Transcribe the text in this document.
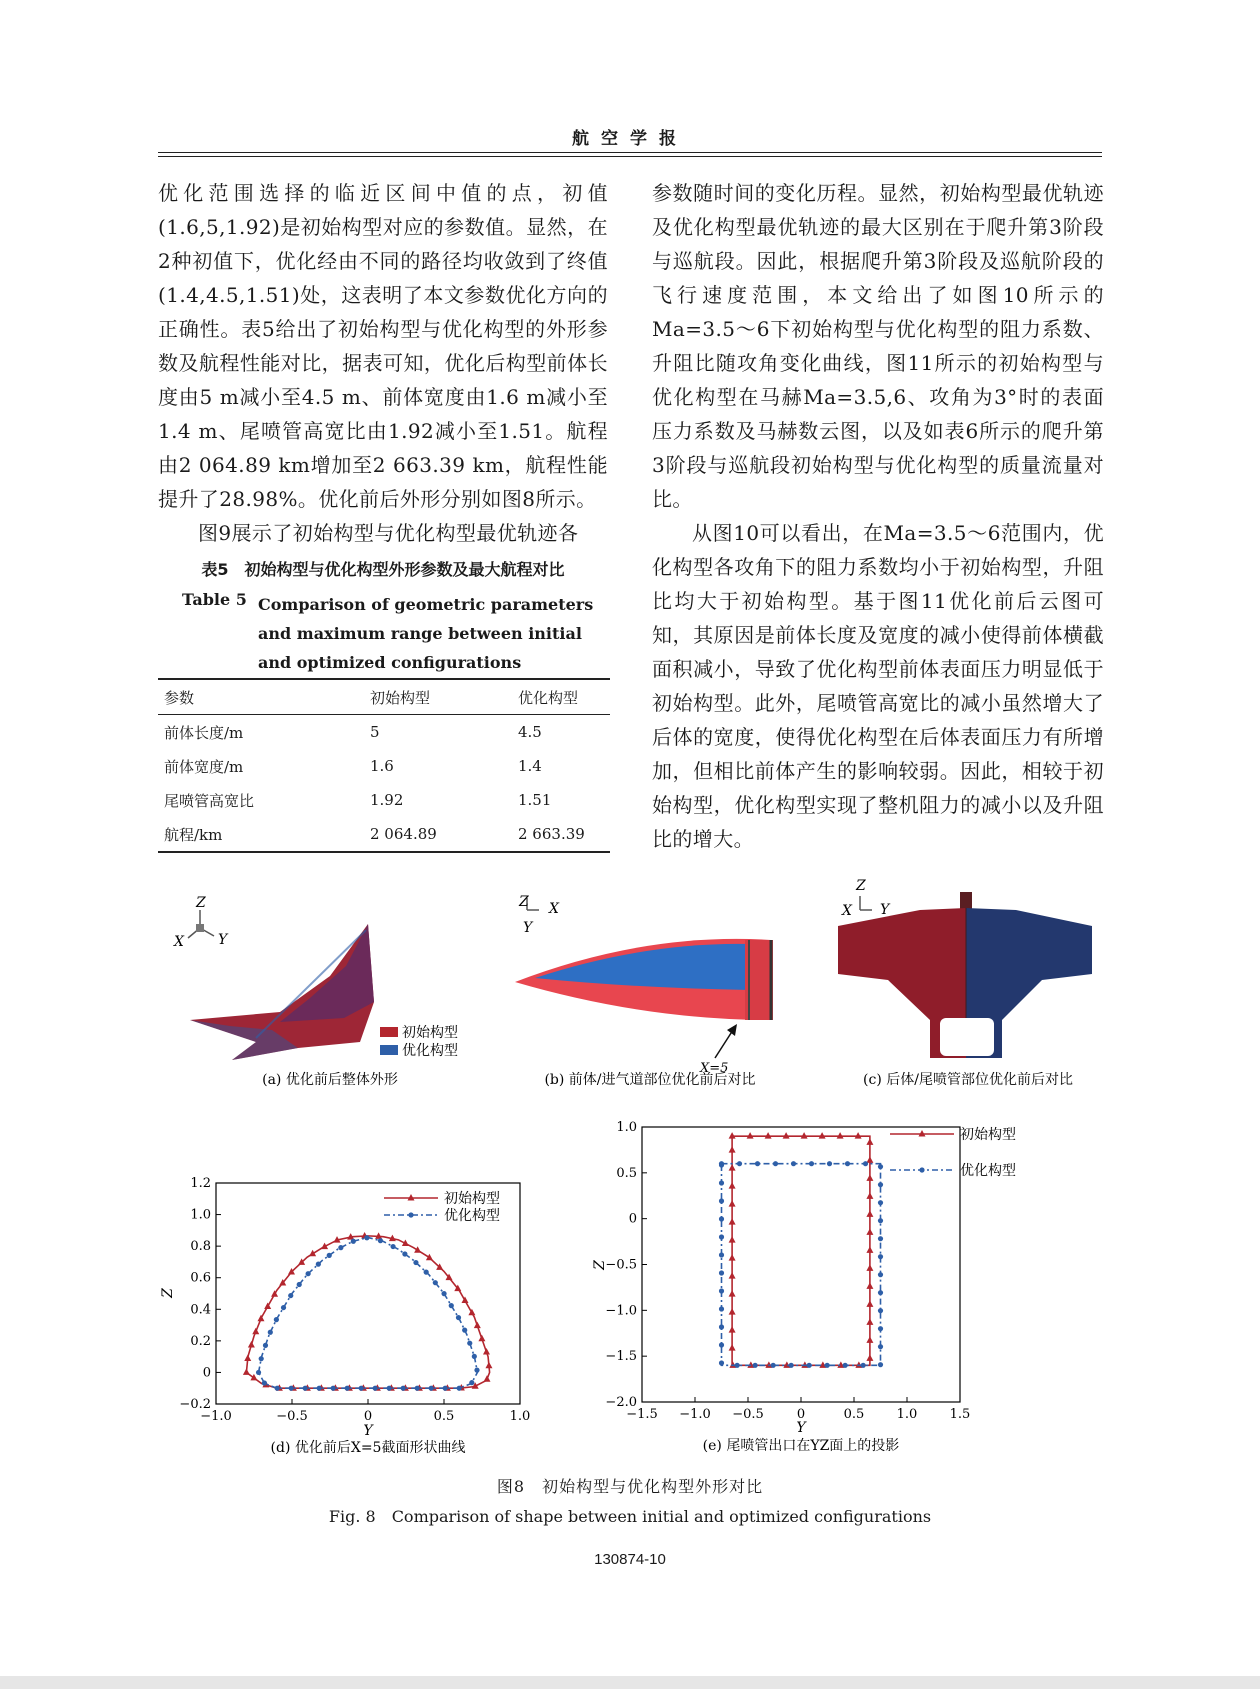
航空学报

优化范围选择的临近区间中值的点，初值(1.6,5,1.92)是初始构型对应的参数值。显然，在2种初值下，优化经由不同的路径均收敛到了终值(1.4,4.5,1.51)处，这表明了本文参数优化方向的正确性。表5给出了初始构型与优化构型的外形参数及航程性能对比，据表可知，优化后构型前体长度由5 m减小至4.5 m、前体宽度由1.6 m减小至1.4 m、尾喷管高宽比由1.92减小至1.51。航程由2 064.89 km增加至2 663.39 km，航程性能提升了28.98%。优化前后外形分别如图8所示。

图9展示了初始构型与优化构型最优轨迹各

参数随时间的变化历程。显然，初始构型最优轨迹及优化构型最优轨迹的最大区别在于爬升第3阶段与巡航段。因此，根据爬升第3阶段及巡航阶段的飞行速度范围，本文给出了如图10所示的Ma=3.5～6下初始构型与优化构型的阻力系数、升阻比随攻角变化曲线，图11所示的初始构型与优化构型在马赫Ma=3.5,6、攻角为3°时的表面压力系数及马赫数云图，以及如表6所示的爬升第3阶段与巡航段初始构型与优化构型的质量流量对比。

从图10可以看出，在Ma=3.5～6范围内，优化构型各攻角下的阻力系数均小于初始构型，升阻比均大于初始构型。基于图11优化前后云图可知，其原因是前体长度及宽度的减小使得前体横截面积减小，导致了优化构型前体表面压力明显低于初始构型。此外，尾喷管高宽比的减小虽然增大了后体的宽度，使得优化构型在后体表面压力有所增加，但相比前体产生的影响较弱。因此，相较于初始构型，优化构型实现了整机阻力的减小以及升阻比的增大。

表5　初始构型与优化构型外形参数及最大航程对比
Table 5 Comparison of geometric parameters and maximum range between initial and optimized configurations
参数	初始构型	优化构型
前体长度/m	5	4.5
前体宽度/m	1.6	1.4
尾喷管高宽比	1.92	1.51
航程/km	2 064.89	2 663.39
Z
X Y
初始构型
优化构型
(a) 优化前后整体外形
Z X
Y
X=5
(b) 前体/进气道部位优化前后对比
Z
X Y
(c) 后体/尾喷管部位优化前后对比
−1.0	−0.5	0	0.5	1.0
−0.2
0
0.2
0.4
0.6
0.8
1.0
1.2
初始构型
优化构型
Y
Z
(d) 优化前后X=5截面形状曲线
−1.5 −1.0 −0.5	0	0.5 1.0 1.5
−2.0
−1.5
−1.0
−0.5
0
0.5
1.0	初始构型
优化构型
Y
Z
(e) 尾喷管出口在YZ面上的投影
图8　初始构型与优化构型外形对比
Fig. 8　Comparison of shape between initial and optimized configurations
130874-10
